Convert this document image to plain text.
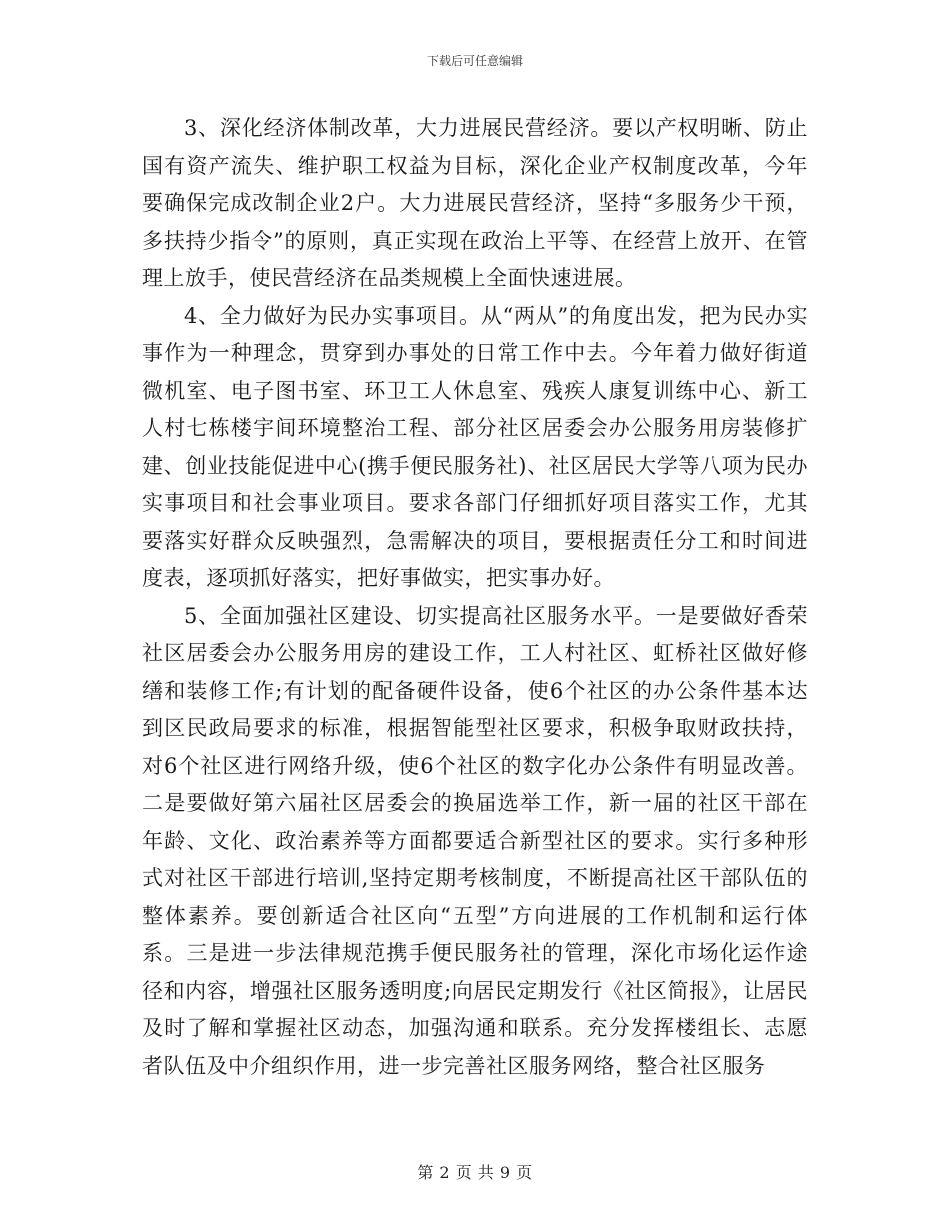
下载后可任意编辑

3、深化经济体制改革，大力进展民营经济。要以产权明晰、防止国有资产流失、维护职工权益为目标，深化企业产权制度改革，今年要确保完成改制企业2户。大力进展民营经济，坚持“多服务少干预，多扶持少指令”的原则，真正实现在政治上平等、在经营上放开、在管理上放手，使民营经济在品类规模上全面快速进展。

4、全力做好为民办实事项目。从“两从”的角度出发，把为民办实事作为一种理念，贯穿到办事处的日常工作中去。今年着力做好街道微机室、电子图书室、环卫工人休息室、残疾人康复训练中心、新工人村七栋楼宇间环境整治工程、部分社区居委会办公服务用房装修扩建、创业技能促进中心(携手便民服务社)、社区居民大学等八项为民办实事项目和社会事业项目。要求各部门仔细抓好项目落实工作，尤其要落实好群众反映强烈，急需解决的项目，要根据责任分工和时间进度表，逐项抓好落实，把好事做实，把实事办好。

5、全面加强社区建设、切实提高社区服务水平。一是要做好香荣社区居委会办公服务用房的建设工作，工人村社区、虹桥社区做好修缮和装修工作;有计划的配备硬件设备，使6个社区的办公条件基本达到区民政局要求的标准，根据智能型社区要求，积极争取财政扶持，对6个社区进行网络升级，使6个社区的数字化办公条件有明显改善。二是要做好第六届社区居委会的换届选举工作，新一届的社区干部在年龄、文化、政治素养等方面都要适合新型社区的要求。实行多种形式对社区干部进行培训,坚持定期考核制度，不断提高社区干部队伍的整体素养。要创新适合社区向“五型”方向进展的工作机制和运行体系。三是进一步法律规范携手便民服务社的管理，深化市场化运作途径和内容，增强社区服务透明度;向居民定期发行《社区简报》，让居民及时了解和掌握社区动态，加强沟通和联系。充分发挥楼组长、志愿者队伍及中介组织作用，进一步完善社区服务网络，整合社区服务

第 2 页 共 9 页
